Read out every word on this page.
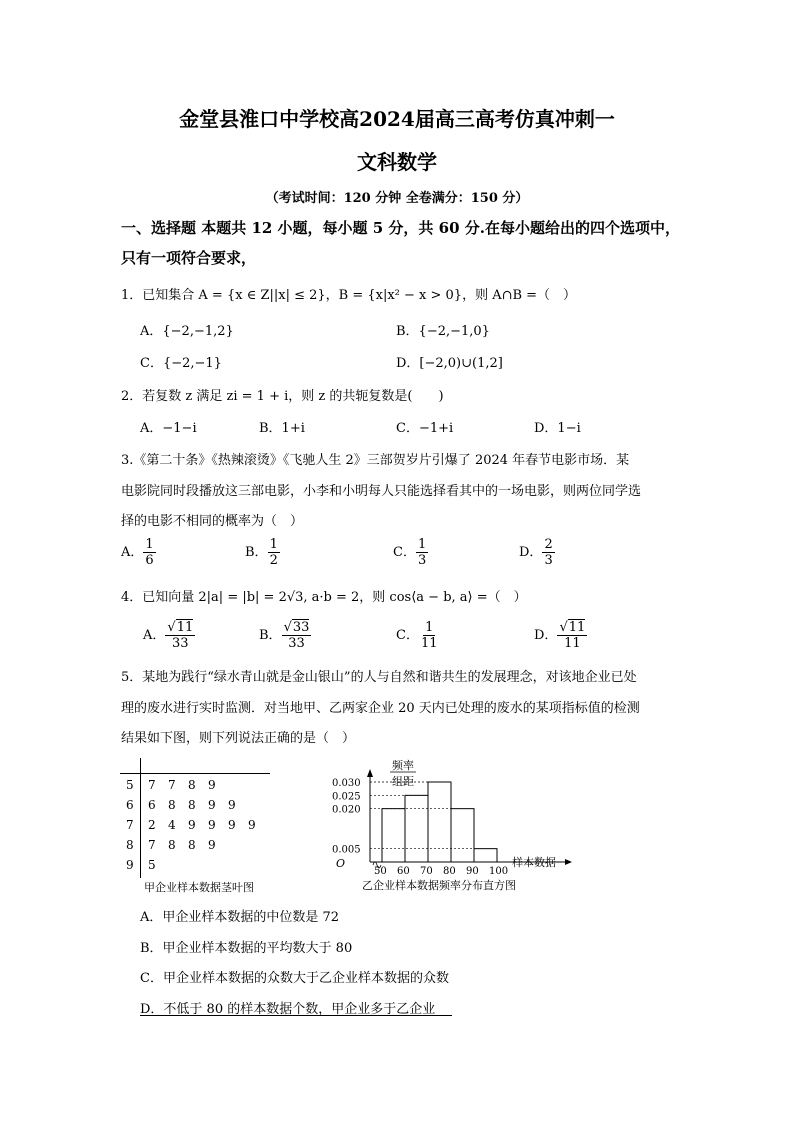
金堂县淮口中学校高2024届高三高考仿真冲刺一
文科数学
（考试时间：120 分钟 全卷满分：150 分）
一、选择题 本题共 12 小题，每小题 5 分，共 60 分.在每小题给出的四个选项中，
只有一项符合要求，
1．已知集合 A = {x ∈ Z||x| ≤ 2}，B = {x|x² − x > 0}，则 A∩B =（　）
A．{−2,−1,2}	B．{−2,−1,0}
C．{−2,−1}	D．[−2,0)∪(1,2]
2．若复数 z 满足 zi = 1 + i，则 z 的共轭复数是(　　)
A．−1−i	B．1+i	C．−1+i	D．1−i
3.《第二十条》《热辣滚烫》《飞驰人生 2》三部贺岁片引爆了 2024 年春节电影市场．某
电影院同时段播放这三部电影，小李和小明每人只能选择看其中的一场电影，则两位同学选
择的电影不相同的概率为（　）
A． $\frac{1}{6}$	B． $\frac{1}{2}$	C． $\frac{1}{3}$	D． $\frac{2}{3}$
4．已知向量 2|a| = |b| = 2√3, a·b = 2，则 cos⟨a − b, a⟩ =（　）
A． $\frac{√11}{33}$	B． $\frac{√33}{33}$	C． $\frac{1}{11}$	D． $\frac{√11}{11}$
5．某地为践行“绿水青山就是金山银山”的人与自然和谐共生的发展理念，对该地企业已处
理的废水进行实时监测．对当地甲、乙两家企业 20 天内已处理的废水的某项指标值的检测
结果如下图，则下列说法正确的是（　）
5 7 7 8 9
6 6 8 8 9 9
7 2 4 9 9 9 9
8 7 8 8 9
9 5
甲企业样本数据茎叶图
频率
组距
0.030
0.025
0.020
0.005
50 60 70 80 90 100
O	样本数据
乙企业样本数据频率分布直方图
A．甲企业样本数据的中位数是 72
B．甲企业样本数据的平均数大于 80
C．甲企业样本数据的众数大于乙企业样本数据的众数
D．不低于 80 的样本数据个数，甲企业多于乙企业
